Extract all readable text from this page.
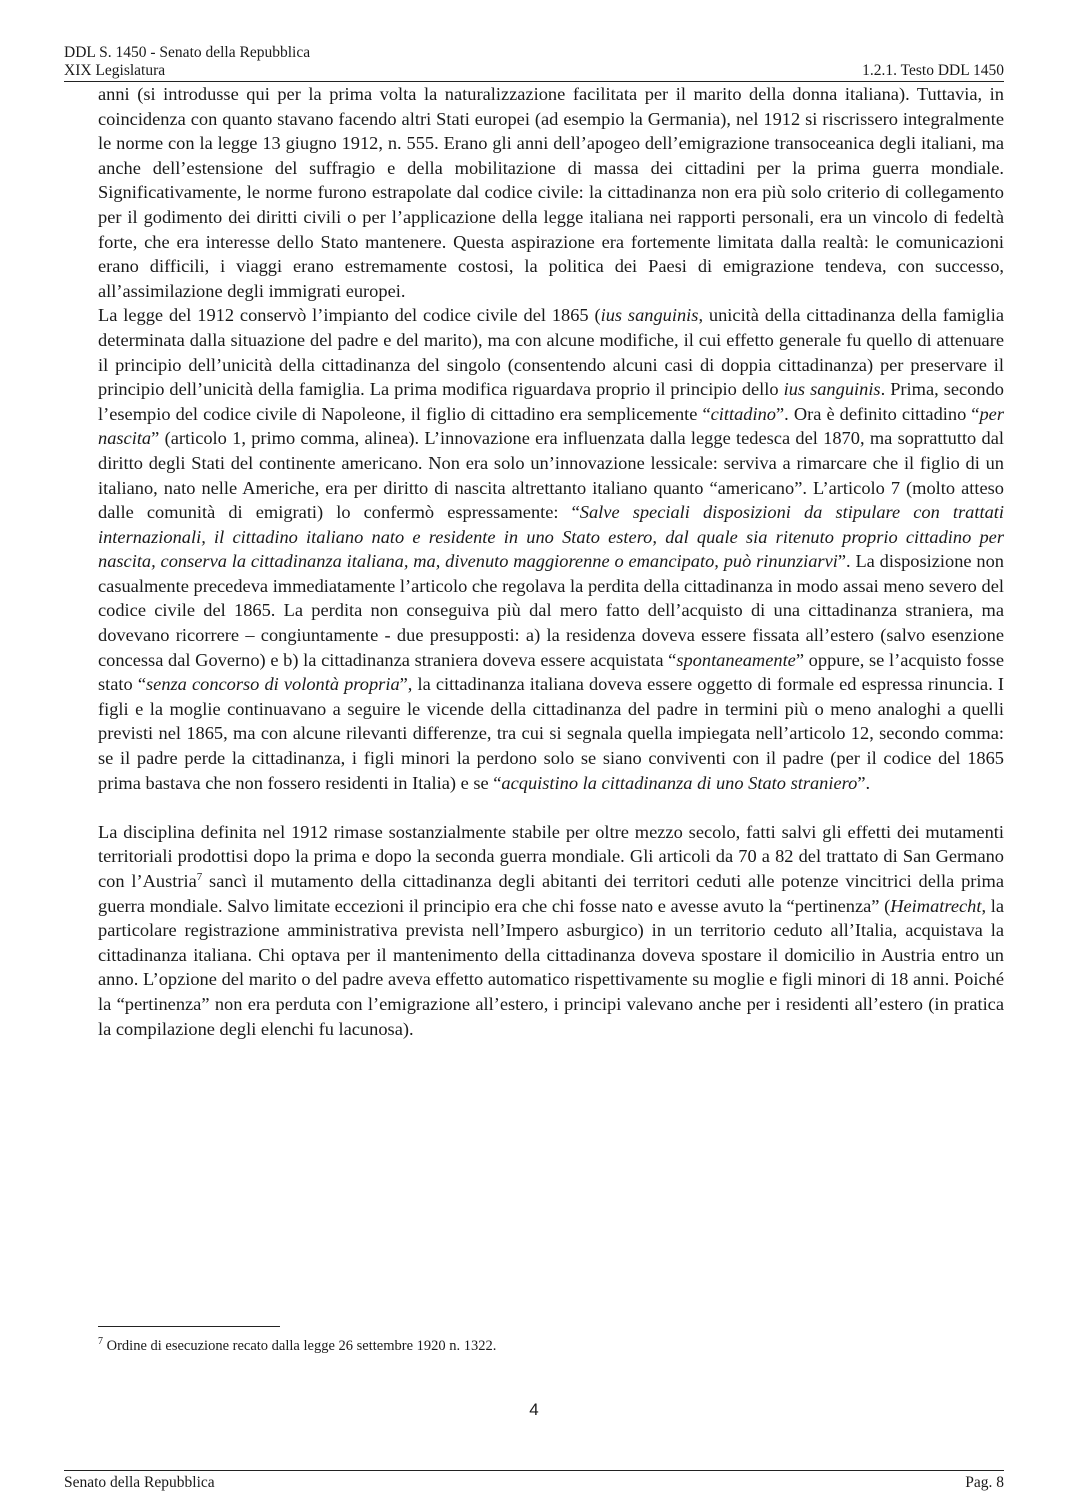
DDL S. 1450 - Senato della Repubblica
XIX Legislatura	1.2.1. Testo DDL 1450

anni (si introdusse qui per la prima volta la naturalizzazione facilitata per il marito della donna italiana). Tuttavia, in coincidenza con quanto stavano facendo altri Stati europei (ad esempio la Germania), nel 1912 si riscrissero integralmente le norme con la legge 13 giugno 1912, n. 555. Erano gli anni dell’apogeo dell’emigrazione transoceanica degli italiani, ma anche dell’estensione del suffragio e della mobilitazione di massa dei cittadini per la prima guerra mondiale. Significativamente, le norme furono estrapolate dal codice civile: la cittadinanza non era più solo criterio di collegamento per il godimento dei diritti civili o per l’applicazione della legge italiana nei rapporti personali, era un vincolo di fedeltà forte, che era interesse dello Stato mantenere. Questa aspirazione era fortemente limitata dalla realtà: le comunicazioni erano difficili, i viaggi erano estremamente costosi, la politica dei Paesi di emigrazione tendeva, con successo, all’assimilazione degli immigrati europei.

La legge del 1912 conservò l’impianto del codice civile del 1865 (ius sanguinis, unicità della cittadinanza della famiglia determinata dalla situazione del padre e del marito), ma con alcune modifiche, il cui effetto generale fu quello di attenuare il principio dell’unicità della cittadinanza del singolo (consentendo alcuni casi di doppia cittadinanza) per preservare il principio dell’unicità della famiglia. La prima modifica riguardava proprio il principio dello ius sanguinis. Prima, secondo l’esempio del codice civile di Napoleone, il figlio di cittadino era semplicemente “cittadino”. Ora è definito cittadino “per nascita” (articolo 1, primo comma, alinea). L’innovazione era influenzata dalla legge tedesca del 1870, ma soprattutto dal diritto degli Stati del continente americano. Non era solo un’innovazione lessicale: serviva a rimarcare che il figlio di un italiano, nato nelle Americhe, era per diritto di nascita altrettanto italiano quanto “americano”. L’articolo 7 (molto atteso dalle comunità di emigrati) lo confermò espressamente: “Salve speciali disposizioni da stipulare con trattati internazionali, il cittadino italiano nato e residente in uno Stato estero, dal quale sia ritenuto proprio cittadino per nascita, conserva la cittadinanza italiana, ma, divenuto maggiorenne o emancipato, può rinunziarvi”. La disposizione non casualmente precedeva immediatamente l’articolo che regolava la perdita della cittadinanza in modo assai meno severo del codice civile del 1865. La perdita non conseguiva più dal mero fatto dell’acquisto di una cittadinanza straniera, ma dovevano ricorrere – congiuntamente - due presupposti: a) la residenza doveva essere fissata all’estero (salvo esenzione concessa dal Governo) e b) la cittadinanza straniera doveva essere acquistata “spontaneamente” oppure, se l’acquisto fosse stato “senza concorso di volontà propria”, la cittadinanza italiana doveva essere oggetto di formale ed espressa rinuncia. I figli e la moglie continuavano a seguire le vicende della cittadinanza del padre in termini più o meno analoghi a quelli previsti nel 1865, ma con alcune rilevanti differenze, tra cui si segnala quella impiegata nell’articolo 12, secondo comma: se il padre perde la cittadinanza, i figli minori la perdono solo se siano conviventi con il padre (per il codice del 1865 prima bastava che non fossero residenti in Italia) e se “acquistino la cittadinanza di uno Stato straniero”.

La disciplina definita nel 1912 rimase sostanzialmente stabile per oltre mezzo secolo, fatti salvi gli effetti dei mutamenti territoriali prodottisi dopo la prima e dopo la seconda guerra mondiale. Gli articoli da 70 a 82 del trattato di San Germano con l’Austria$^7$ sancì il mutamento della cittadinanza degli abitanti dei territori ceduti alle potenze vincitrici della prima guerra mondiale. Salvo limitate eccezioni il principio era che chi fosse nato e avesse avuto la “pertinenza” (Heimatrecht, la particolare registrazione amministrativa prevista nell’Impero asburgico) in un territorio ceduto all’Italia, acquistava la cittadinanza italiana. Chi optava per il mantenimento della cittadinanza doveva spostare il domicilio in Austria entro un anno. L’opzione del marito o del padre aveva effetto automatico rispettivamente su moglie e figli minori di 18 anni. Poiché la “pertinenza” non era perduta con l’emigrazione all’estero, i principi valevano anche per i residenti all’estero (in pratica la compilazione degli elenchi fu lacunosa).

$^7$ Ordine di esecuzione recato dalla legge 26 settembre 1920 n. 1322.
4
Senato della Repubblica	Pag. 8
